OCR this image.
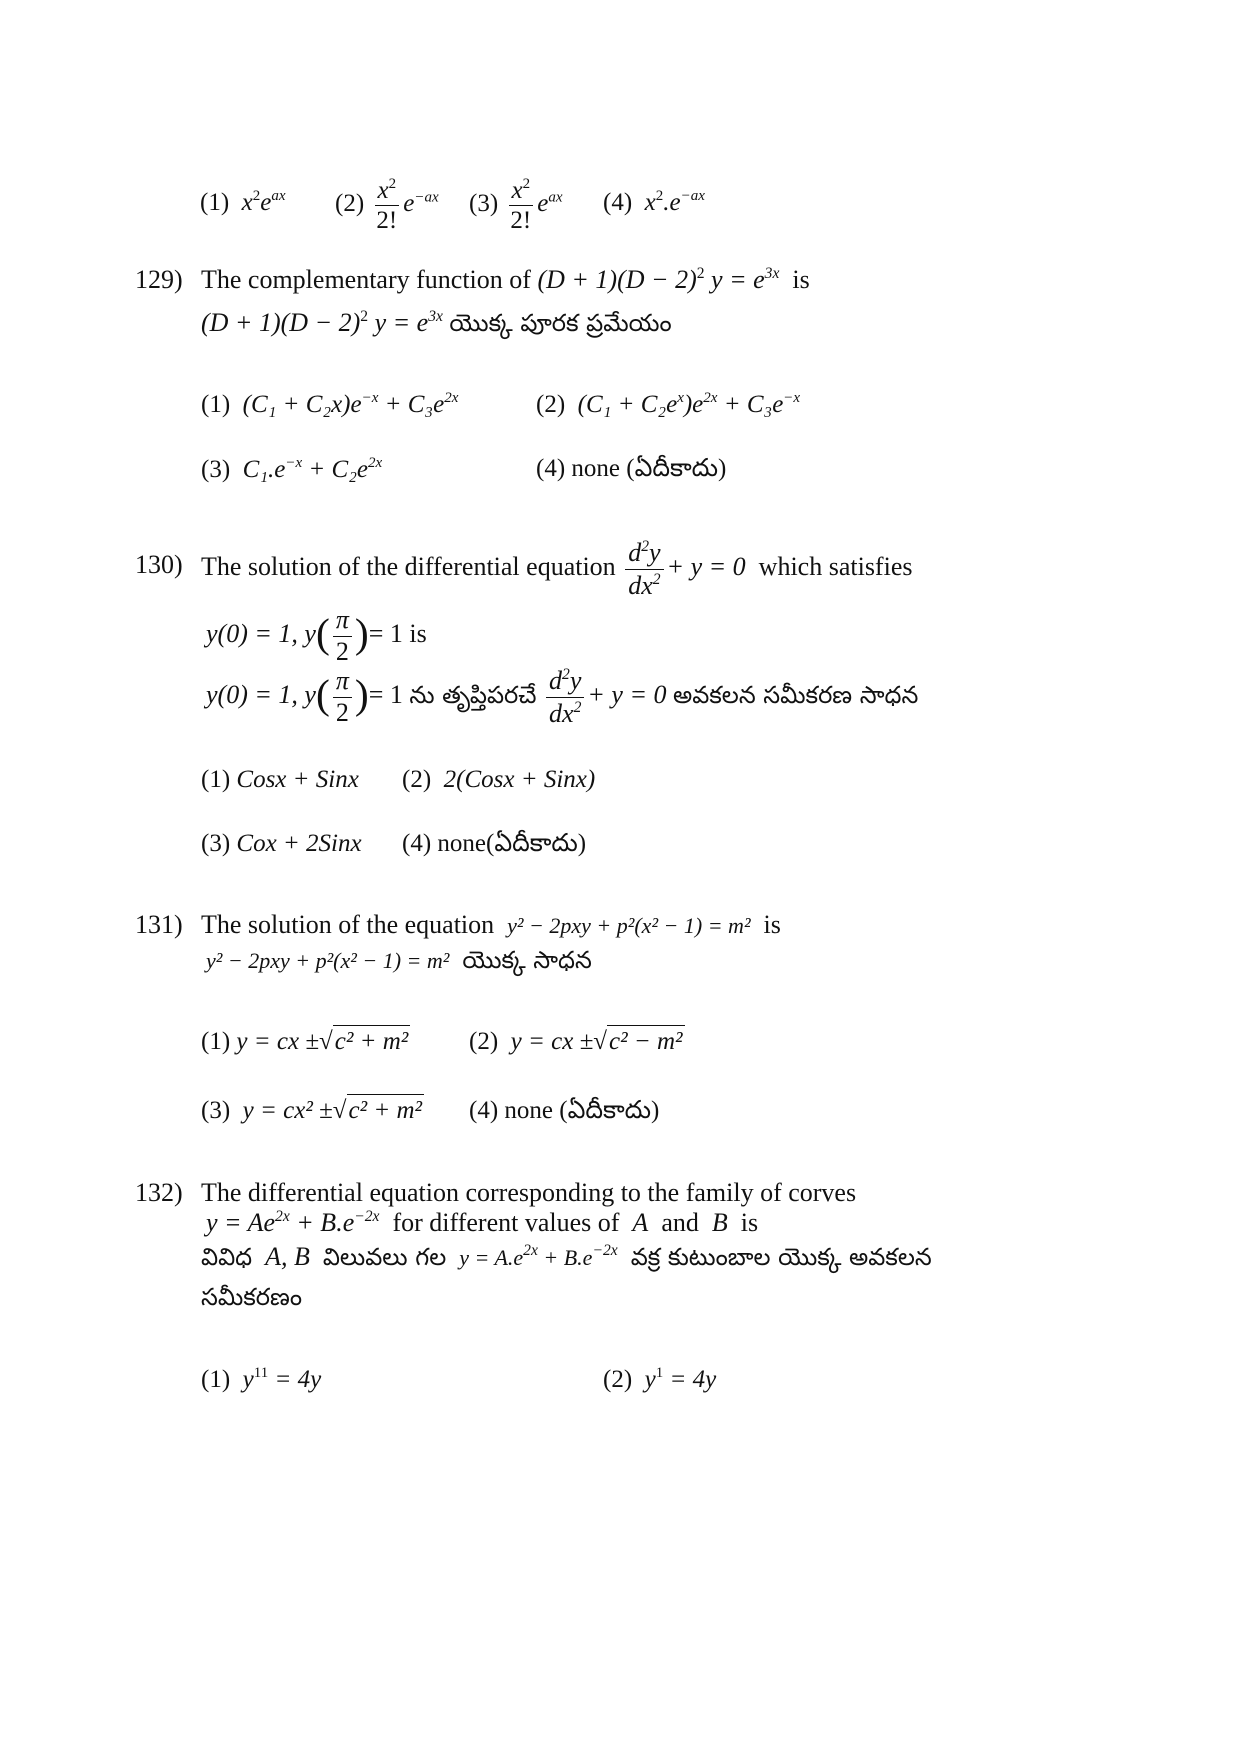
(1) $x^2e^{ax}$ $(2) \frac{x^2}{2!} e^{-ax}$ $(3) \frac{x^2}{2!} e^{ax}$ (4) $x^2.e^{-ax}$
129) The complementary function of $(D + 1)(D - 2)^2$ $y = e^{3x}$ is
$(D + 1)(D - 2)^2$ $y = e^{3x}$ యొక్క పూరక ప్రమేయం
(1) $(C_1 + C_2x)e^{-x} + C_3e^{2x}$	(2) $(C_1 + C_2e^x)e^{2x} + C_3e^{-x}$
(3) $C_1.e^{-x} + C_2e^{2x}$	(4) none (ఏదీకాదు)
130) The solution of the differential equation $\frac{d^2y}{dx^2} + y = 0$ which satisfies
y(0) = 1, $y( \frac{\pi}{2}$ )= 1 is
y(0) = 1, $y( \frac{\pi}{2}$ )= 1 ను తృప్తిపరచే $\frac{d^2y}{dx^2} + y = 0$ అవకలన సమీకరణ సాధన
(1) Cosx + Sinx (2) 2(Cosx + Sinx)
(3) Cox + 2Sinx (4) none(ఏదీకాదు)
131) The solution of the equation y² − 2pxy + p²(x² − 1) = m² is
y² − 2pxy + p²(x² − 1) = m² యొక్క సాధన
(1) y = cx ±√c² + m² (2) y = cx ±√c² − m²
(3) y = cx² ±√c² + m² (4) none (ఏదీకాదు)
132) The differential equation corresponding to the family of corves
$y = Ae^{2x} + B.e^{-2x}$ for different values of A and B is
వివిధ A, B విలువలు గల $y = A.e^{2x} + B.e^{-2x}$ వక్ర కుటుంబాల యొక్క అవకలన
సమీకరణం
(1) $y^{11} = 4y$	(2) $y^1 = 4y$
